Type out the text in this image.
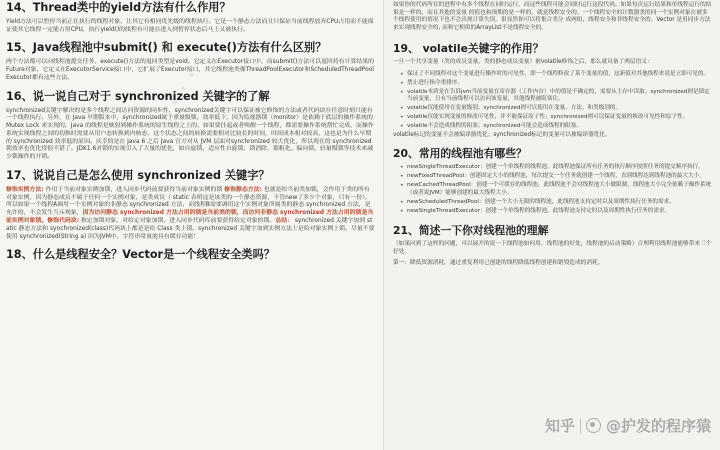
14、Thread类中的yield方法有什么作用？

Yield方法可以暂停当前正在执行的线程对象，让其它有相同优先级的线程执行。它是一个静态方法而且只保证当前线程放弃CPU占用而不能保证使其它线程一定能占用CPU，执行yield()的线程有可能在进入到暂停状态后马上又被执行。

15、Java线程池中submit() 和 execute()方法有什么区别？

两个方法都可以向线程池提交任务，execute()方法的返回类型是void，它定义在Executor接口中，而submit()方法可以返回持有计算结果的Future对象，它定义在ExecutorService接口中，它扩展了Executor接口，其它线程池类像ThreadPoolExecutor和ScheduledThreadPoolExecutor都有这些方法。

16、说一说自己对于 synchronized 关键字的了解

synchronized关键字解决的是多个线程之间访问资源的同步性，synchronized关键字可以保证被它修饰的方法或者代码块在任意时刻只能有一个线程执行。另外，在 Java 早期版本中，synchronized属于重量级锁，效率低下，因为监视器锁（monitor）是依赖于底层的操作系统的 Mutex Lock 来实现的，Java 的线程是映射到操作系统的原生线程之上的。如果要挂起或者唤醒一个线程，都需要操作系统帮忙完成，而操作系统实现线程之间的切换时需要从用户态转换到内核态，这个状态之间的转换需要相对比较长的时间，时间成本相对较高，这也是为什么早期的 synchronized 效率低的原因。庆幸的是在 Java 6 之后 Java 官方对从 JVM 层面对synchronized 较大优化，所以现在的 synchronized 锁效率也优化得很不错了。JDK1.6对锁的实现引入了大量的优化，如自旋锁、适应性自旋锁、锁消除、锁粗化、偏向锁、轻量级锁等技术来减少锁操作的开销。

17、说说自己是怎么使用 synchronized 关键字？

修饰实例方法: 作用于当前对象实例加锁，进入同步代码前要获得当前对象实例的锁 修饰静态方法: 也就是给当前类加锁，会作用于类的所有对象实例，因为静态成员不属于任何一个实例对象，是类成员（ static 表明这是该类的一个静态资源，不管new了多少个对象，只有一份）。所以如果一个线程A调用一个实例对象的非静态 synchronized 方法，而线程B需要调用这个实例对象所属类的静态 synchronized 方法，是允许的，不会发生互斥现象，因为访问静态 synchronized 方法占用的锁是当前类的锁，而访问非静态 synchronized 方法占用的锁是当前实例对象锁。修饰代码块: 指定加锁对象，对给定对象加锁，进入同步代码库前要获得给定对象的锁。总结： synchronized 关键字加到 static 静态方法和 synchronized(class)代码块上都是是给 Class 类上锁。synchronized 关键字加到实例方法上是给对象实例上锁。尽量不要使用 synchronized(String a) 因为JVM中，字符串常量池具有缓存功能！

18、什么是线程安全？Vector是一个线程安全类吗？
· · · ·

如果你的代码所在的进程中有多个线程在同时运行，而这些线程可能会同时运行这段代码。如果每次运行结果和单线程运行的结果是一样的，而且其他的变量 的值也和预期的是一样的，就是线程安全的。一个线程安全的计数器类的同一个实例对象在被多个线程使用的情况下也不会出现计算失误。很显然你可以将集合类分 成两组，线程安全和非线程安全的。Vector 是用同步方法来实现线程安全的, 而和它相似的ArrayList不是线程安全的。

19、 volatile关键字的作用？

一旦一个共享变量（类的成员变量、类的静态成员变量）被volatile修饰之后，那么就具备了两层语义：

• 保证了不同线程对这个变量进行操作时的可见性，即一个线程修改了某个变量的值，这新值对其他线程来说是立即可见的。
• 禁止进行指令重排序。
• volatile本质是在告诉jvm当前变量在寄存器（工作内存）中的值是不确定的，需要从主存中读取；synchronized则是锁定当前变量，只有当前线程可以访问该变量，其他线程被阻塞住。
• volatile仅能使用在变量级别；synchronized则可以使用在变量、方法、和类级别的。
• volatile仅能实现变量的修改可见性，并不能保证原子性；synchronized则可以保证变量的修改可见性和原子性。
• volatile不会造成线程的阻塞；synchronized可能会造成线程的阻塞。

volatile标记的变量不会被编译器优化；synchronized标记的变量可以被编译器优化。

20、常用的线程池有哪些？
• newSingleThreadExecutor：创建一个单线程的线程池，此线程池保证所有任务的执行顺序按照任务的提交顺序执行。
• newFixedThreadPool：创建固定大小的线程池，每次提交一个任务就创建一个线程，直到线程达到线程池的最大大小。
• newCachedThreadPool：创建一个可缓存的线程池，此线程池不会对线程池大小做限制，线程池大小完全依赖于操作系统（或者说JVM）能够创建的最大线程大小。
• newScheduledThreadPool：创建一个大小无限的线程池，此线程池支持定时以及周期性执行任务的需求。
• newSingleThreadExecutor：创建一个单线程的线程池，此线程池支持定时以及周期性执行任务的需求。
21、简述一下你对线程池的理解

（如果问到了这样的问题，可以展开的说一下线程池如何用、线程池的好处、线程池的启动策略）合理利用线程池能够带来三个好处。

第一：降低资源消耗。通过重复利用已创建的线程降低线程创建和销毁造成的消耗。

知乎 @护发的程序猿
